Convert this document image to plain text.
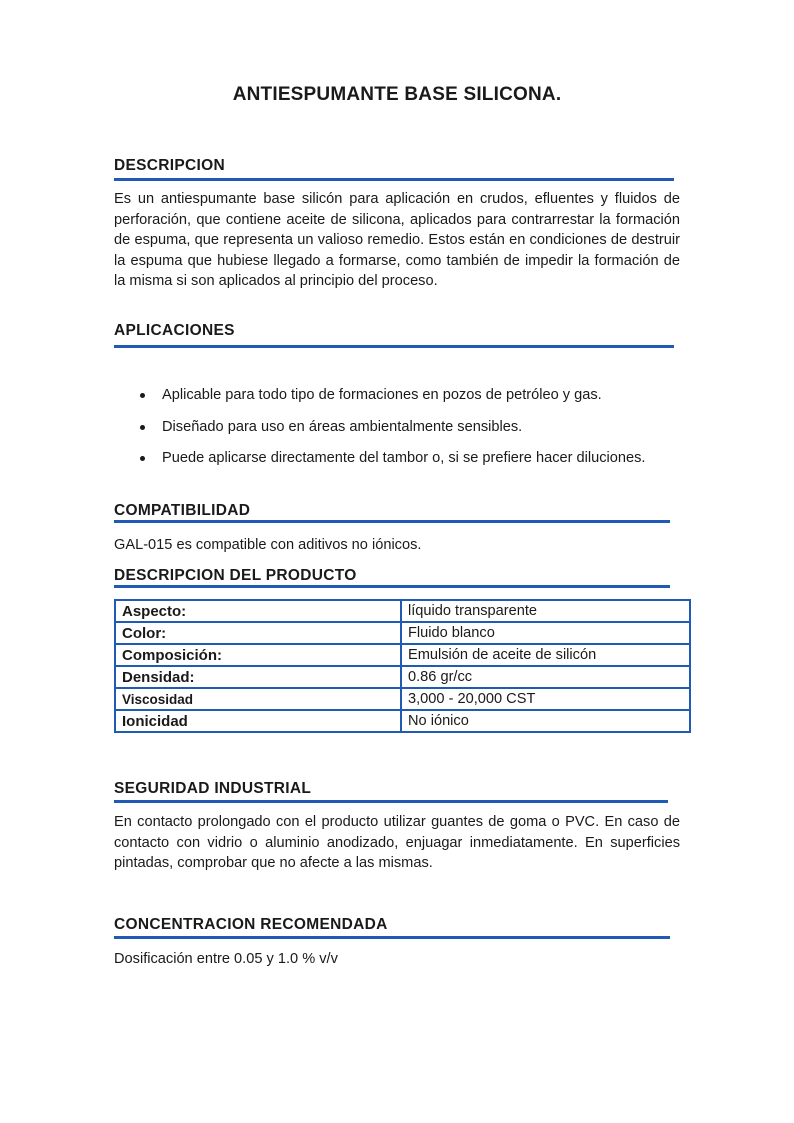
ANTIESPUMANTE BASE SILICONA.
DESCRIPCION
Es un antiespumante base silicón para aplicación en crudos, efluentes y fluidos de perforación, que contiene aceite de silicona, aplicados para contrarrestar la formación de espuma, que representa un valioso remedio. Estos están en condiciones de destruir la espuma que hubiese llegado a formarse, como también de impedir la formación de la misma si son aplicados al principio del proceso.
APLICACIONES
Aplicable para todo tipo de formaciones en pozos de petróleo y gas.
Diseñado para uso en áreas ambientalmente sensibles.
Puede aplicarse directamente del tambor o, si se prefiere hacer diluciones.
COMPATIBILIDAD
GAL-015 es compatible con aditivos no iónicos.
DESCRIPCION DEL PRODUCTO
Aspecto:	líquido transparente
Color:	Fluido blanco
Composición:	Emulsión de aceite de silicón
Densidad:	0.86 gr/cc
Viscosidad	3,000 - 20,000 CST
Ionicidad	No iónico
SEGURIDAD INDUSTRIAL
En contacto prolongado con el producto utilizar guantes de goma o PVC. En caso de contacto con vidrio o aluminio anodizado, enjuagar inmediatamente. En superficies pintadas, comprobar que no afecte a las mismas.
CONCENTRACION RECOMENDADA
Dosificación entre 0.05 y 1.0 % v/v
